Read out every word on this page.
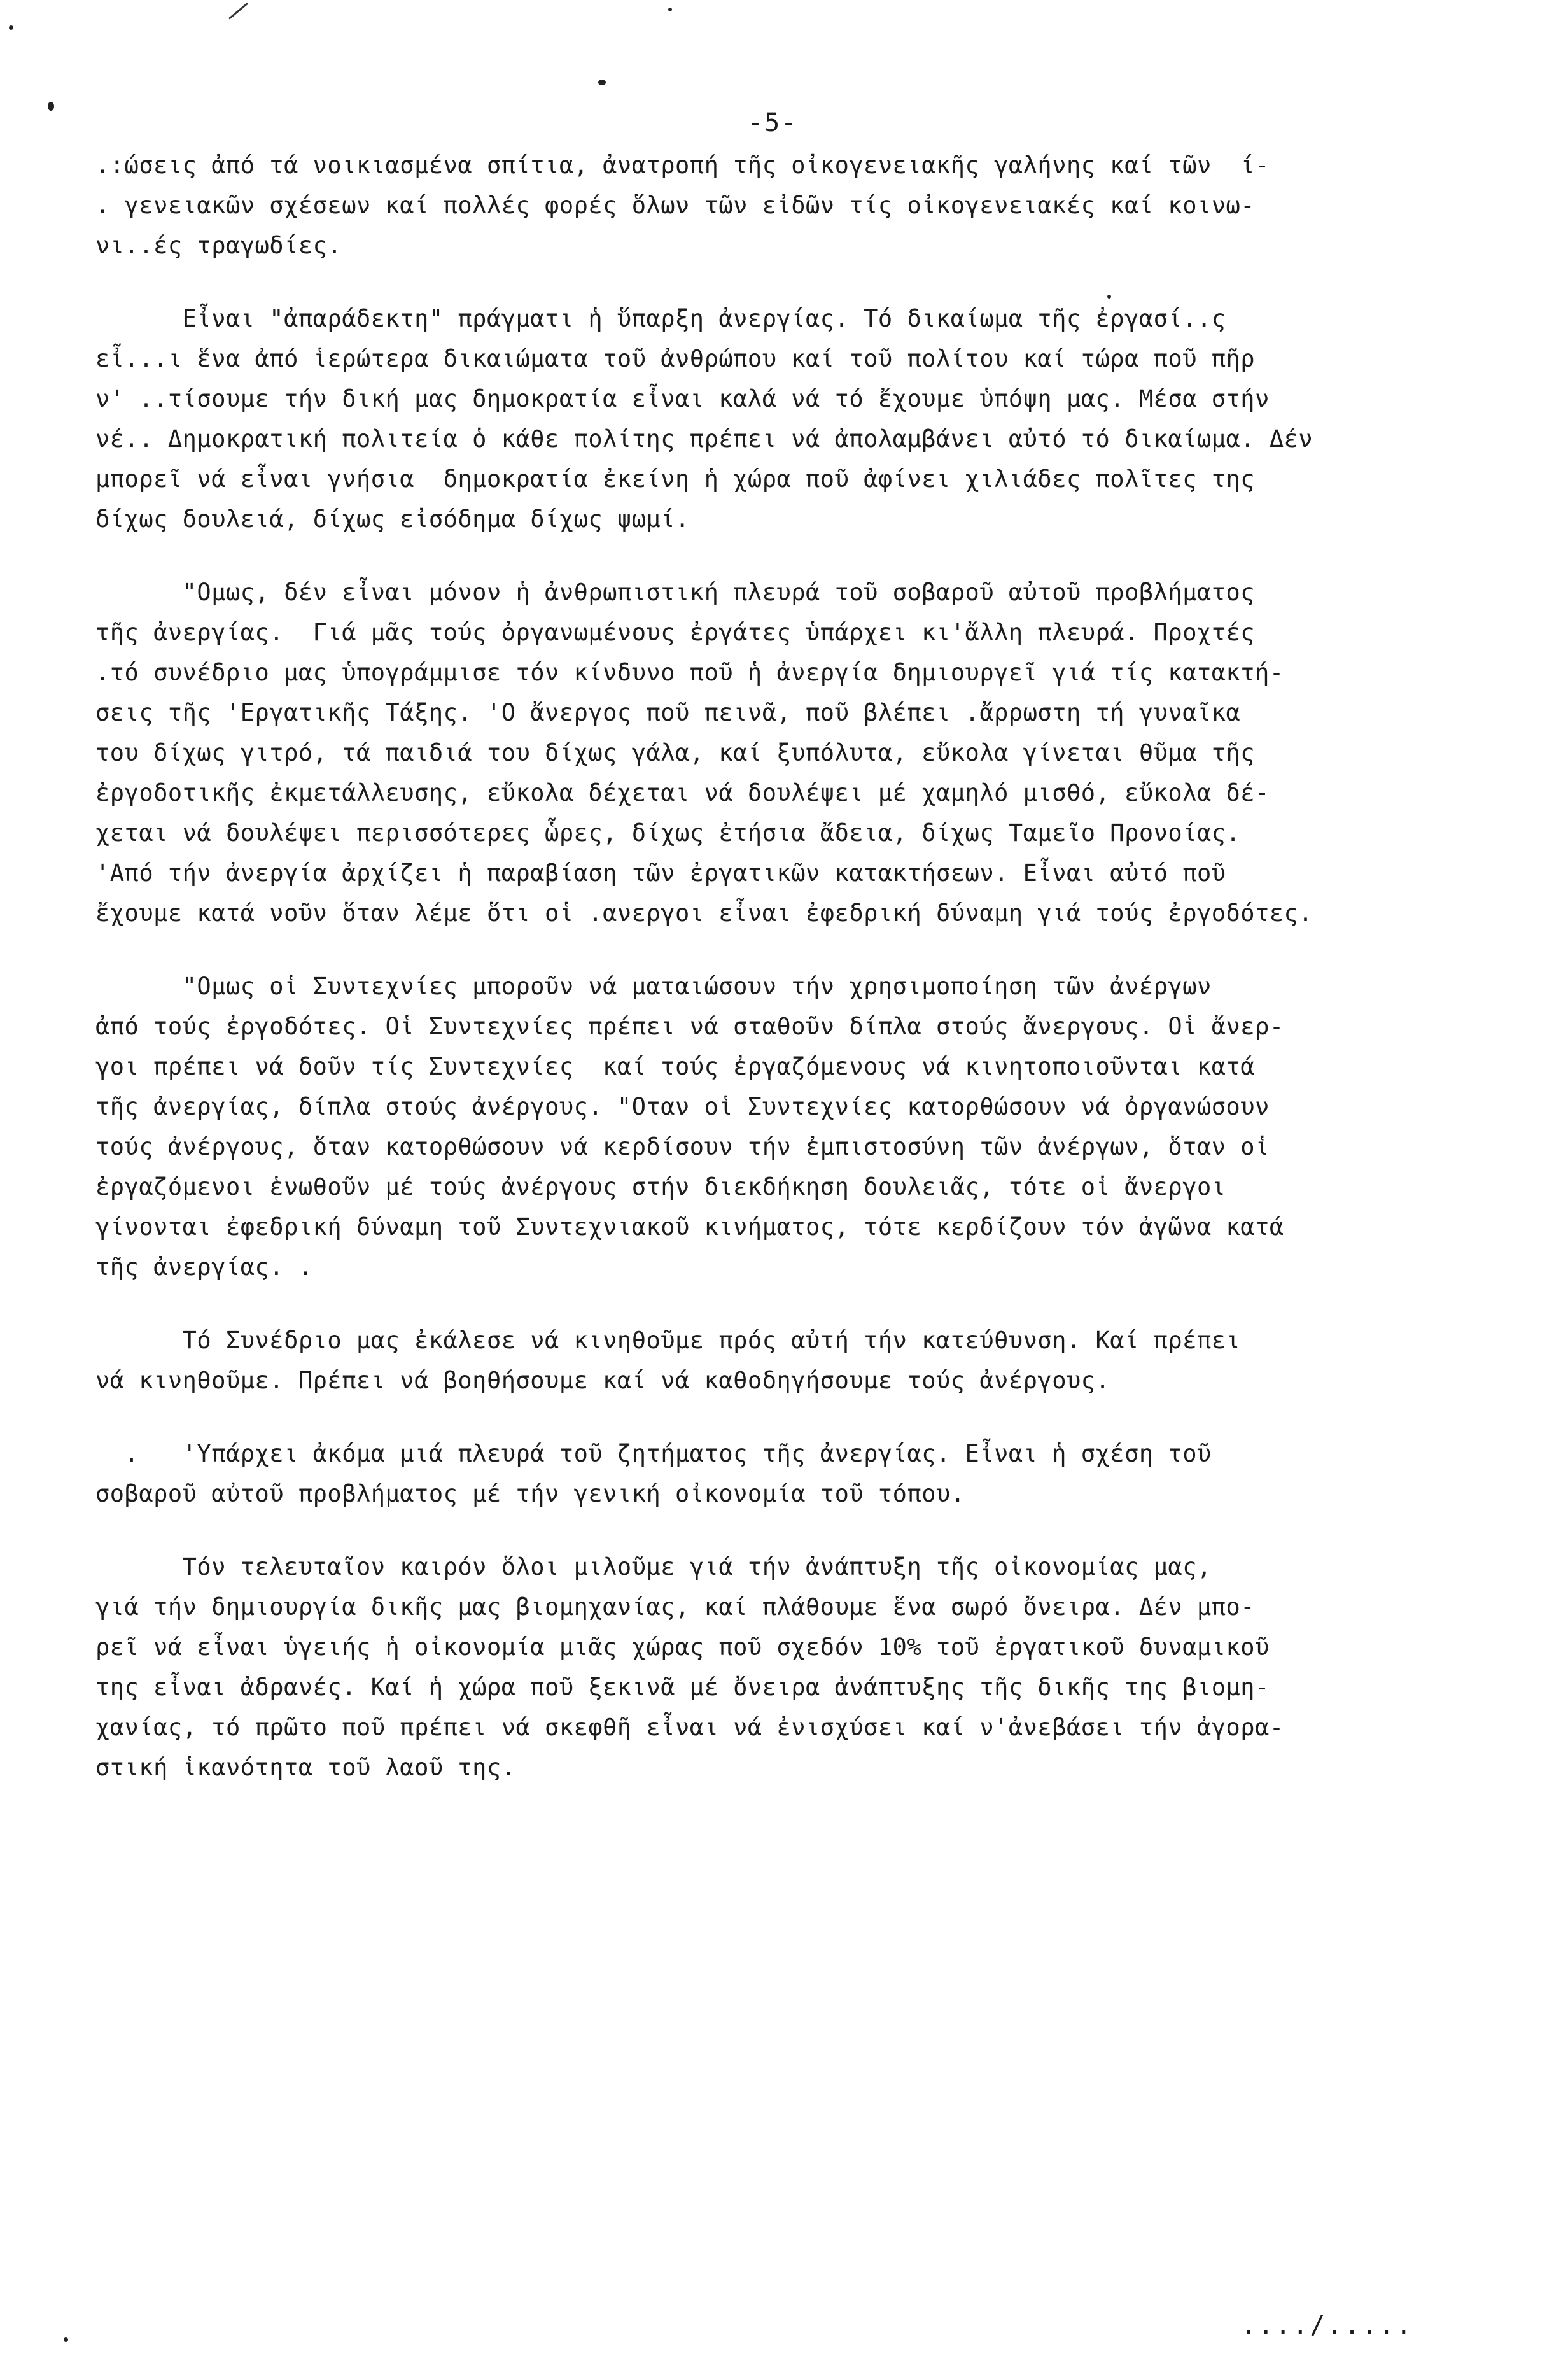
-5-
.:ώσεις ἀπό τά νοικιασμένα σπίτια, ἀνατροπή τῆς οἰκογενειακῆς γαλήνης καί τῶν  ί-
. γενειακῶν σχέσεων καί πολλές φορές ὅλων τῶν εἰδῶν τίς οἰκογενειακές καί κοινω-
νι..ές τραγωδίες.
Εἶναι "ἀπαράδεκτη" πράγματι ἡ ὕπαρξη ἀνεργίας. Τό δικαίωμα τῆς ἐργασί..ς
εἶ...ι ἕνα ἀπό ἱερώτερα δικαιώματα τοῦ ἀνθρώπου καί τοῦ πολίτου καί τώρα ποῦ πῆρ
ν' ..τίσουμε τήν δική μας δημοκρατία εἶναι καλά νά τό ἔχουμε ὑπόψη μας. Μέσα στήν
νέ.. Δημοκρατική πολιτεία ὁ κάθε πολίτης πρέπει νά ἀπολαμβάνει αὐτό τό δικαίωμα. Δέν
μπορεῖ νά εἶναι γνήσια  δημοκρατία ἐκείνη ἡ χώρα ποῦ ἀφίνει χιλιάδες πολῖτες της
δίχως δουλειά, δίχως εἰσόδημα δίχως ψωμί.
"Ομως, δέν εἶναι μόνον ἡ ἀνθρωπιστική πλευρά τοῦ σοβαροῦ αὐτοῦ προβλήματος
τῆς ἀνεργίας.  Γιά μᾶς τούς ὀργανωμένους ἐργάτες ὑπάρχει κι'ἄλλη πλευρά. Προχτές
.τό συνέδριο μας ὑπογράμμισε τόν κίνδυνο ποῦ ἡ ἀνεργία δημιουργεῖ γιά τίς κατακτή-
σεις τῆς 'Εργατικῆς Τάξης. 'Ο ἄνεργος ποῦ πεινᾶ, ποῦ βλέπει .ἄρρωστη τή γυναῖκα
του δίχως γιτρό, τά παιδιά του δίχως γάλα, καί ξυπόλυτα, εὔκολα γίνεται θῦμα τῆς
ἐργοδοτικῆς ἐκμετάλλευσης, εὔκολα δέχεται νά δουλέψει μέ χαμηλό μισθό, εὔκολα δέ-
χεται νά δουλέψει περισσότερες ὧρες, δίχως ἐτήσια ἄδεια, δίχως Ταμεῖο Προνοίας.
'Από τήν ἀνεργία ἀρχίζει ἡ παραβίαση τῶν ἐργατικῶν κατακτήσεων. Εἶναι αὐτό ποῦ
ἔχουμε κατά νοῦν ὅταν λέμε ὅτι οἱ .ανεργοι εἶναι ἐφεδρική δύναμη γιά τούς ἐργοδότες.
"Ομως οἱ Συντεχνίες μποροῦν νά ματαιώσουν τήν χρησιμοποίηση τῶν ἀνέργων
ἀπό τούς ἐργοδότες. Οἱ Συντεχνίες πρέπει νά σταθοῦν δίπλα στούς ἄνεργους. Οἱ ἄνερ-
γοι πρέπει νά δοῦν τίς Συντεχνίες  καί τούς ἐργαζόμενους νά κινητοποιοῦνται κατά
τῆς ἀνεργίας, δίπλα στούς ἀνέργους. "Οταν οἱ Συντεχνίες κατορθώσουν νά ὀργανώσουν
τούς ἀνέργους, ὅταν κατορθώσουν νά κερδίσουν τήν ἐμπιστοσύνη τῶν ἀνέργων, ὅταν οἱ
ἐργαζόμενοι ἑνωθοῦν μέ τούς ἀνέργους στήν διεκδήκηση δουλειᾶς, τότε οἱ ἄνεργοι
γίνονται ἐφεδρική δύναμη τοῦ Συντεχνιακοῦ κινήματος, τότε κερδίζουν τόν ἀγῶνα κατά
τῆς ἀνεργίας. .
Τό Συνέδριο μας ἐκάλεσε νά κινηθοῦμε πρός αὐτή τήν κατεύθυνση. Καί πρέπει
νά κινηθοῦμε. Πρέπει νά βοηθήσουμε καί νά καθοδηγήσουμε τούς ἀνέργους.
.   'Υπάρχει ἀκόμα μιά πλευρά τοῦ ζητήματος τῆς ἀνεργίας. Εἶναι ἡ σχέση τοῦ
σοβαροῦ αὐτοῦ προβλήματος μέ τήν γενική οἰκονομία τοῦ τόπου.
Τόν τελευταῖον καιρόν ὅλοι μιλοῦμε γιά τήν ἀνάπτυξη τῆς οἰκονομίας μας,
γιά τήν δημιουργία δικῆς μας βιομηχανίας, καί πλάθουμε ἕνα σωρό ὄνειρα. Δέν μπο-
ρεῖ νά εἶναι ὑγειής ἡ οἰκονομία μιᾶς χώρας ποῦ σχεδόν 10% τοῦ ἐργατικοῦ δυναμικοῦ
της εἶναι ἀδρανές. Καί ἡ χώρα ποῦ ξεκινᾶ μέ ὄνειρα ἀνάπτυξης τῆς δικῆς της βιομη-
χανίας, τό πρῶτο ποῦ πρέπει νά σκεφθῆ εἶναι νά ἐνισχύσει καί ν'ἀνεβάσει τήν ἀγορα-
στική ἱκανότητα τοῦ λαοῦ της.
..../.....
